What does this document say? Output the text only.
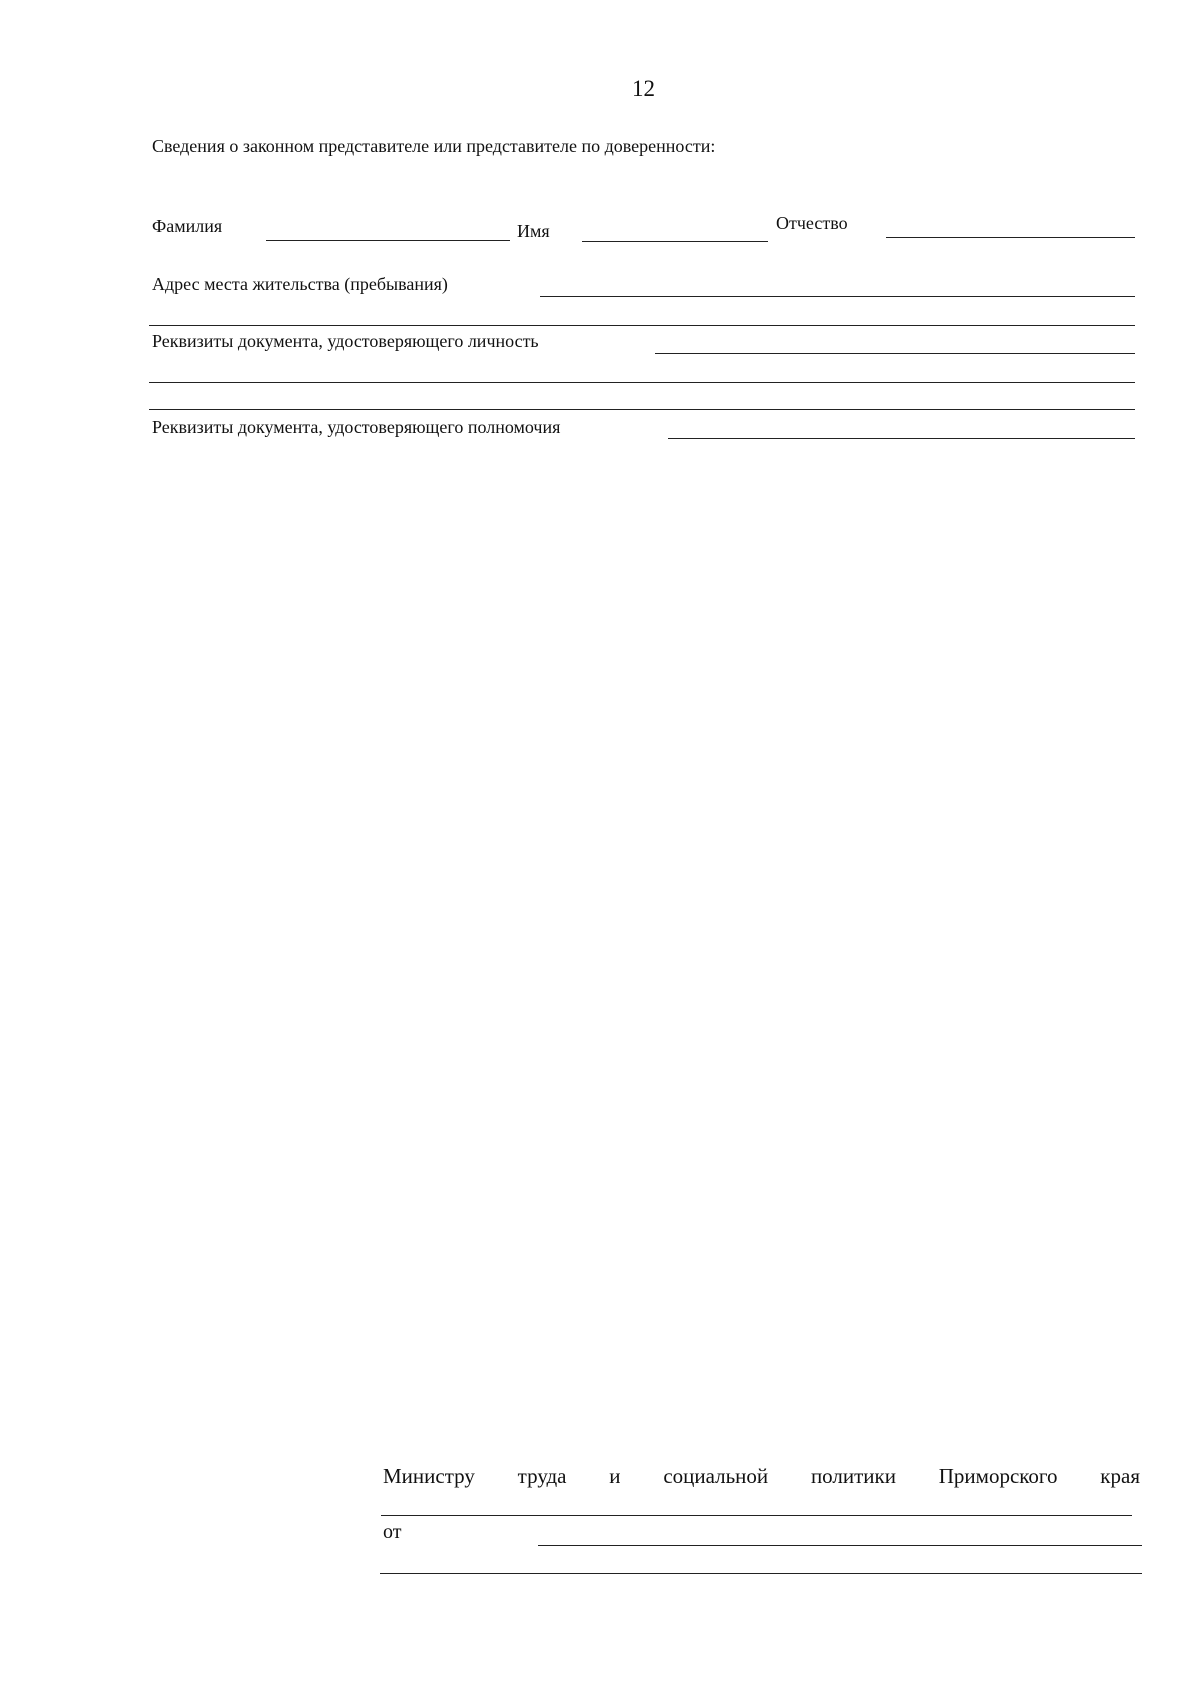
12
Сведения о законном представителе или представителе по доверенности:
Фамилия	Имя	Отчество
Адрес места жительства (пребывания)
Реквизиты документа, удостоверяющего личность
Реквизиты документа, удостоверяющего полномочия
Министру труда и социальной политики Приморского края
от
